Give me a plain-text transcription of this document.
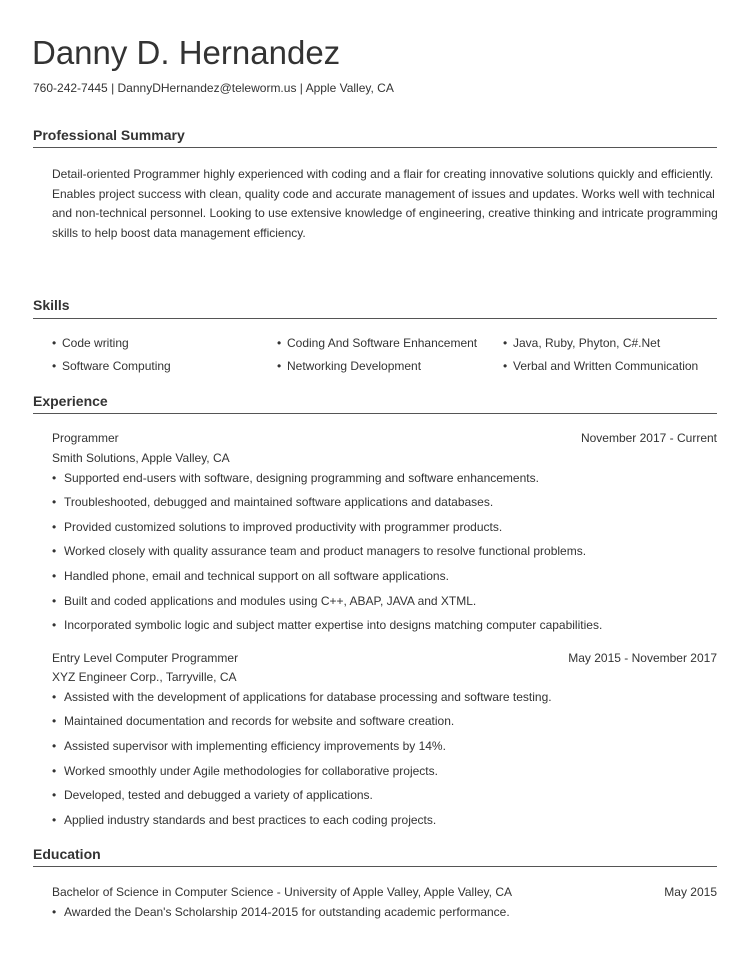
Danny D. Hernandez
760-242-7445 | DannyDHernandez@teleworm.us | Apple Valley, CA
Professional Summary
Detail-oriented Programmer highly experienced with coding and a flair for creating innovative solutions quickly and efficiently. Enables project success with clean, quality code and accurate management of issues and updates. Works well with technical and non-technical personnel. Looking to use extensive knowledge of engineering, creative thinking and intricate programming skills to help boost data management efficiency.
Skills
• Code writing	• Coding And Software Enhancement • Java, Ruby, Phyton, C#.Net
• Software Computing	• Networking Development	• Verbal and Written Communication
Experience
Programmer	November 2017 - Current
Smith Solutions, Apple Valley, CA
• Supported end-users with software, designing programming and software enhancements.
• Troubleshooted, debugged and maintained software applications and databases.
• Provided customized solutions to improved productivity with programmer products.
• Worked closely with quality assurance team and product managers to resolve functional problems.
• Handled phone, email and technical support on all software applications.
• Built and coded applications and modules using C++, ABAP, JAVA and XTML.
• Incorporated symbolic logic and subject matter expertise into designs matching computer capabilities.
Entry Level Computer Programmer	May 2015 - November 2017
XYZ Engineer Corp., Tarryville, CA
• Assisted with the development of applications for database processing and software testing.
• Maintained documentation and records for website and software creation.
• Assisted supervisor with implementing efficiency improvements by 14%.
• Worked smoothly under Agile methodologies for collaborative projects.
• Developed, tested and debugged a variety of applications.
• Applied industry standards and best practices to each coding projects.
Education
Bachelor of Science in Computer Science - University of Apple Valley, Apple Valley, CA	May 2015
• Awarded the Dean's Scholarship 2014-2015 for outstanding academic performance.
